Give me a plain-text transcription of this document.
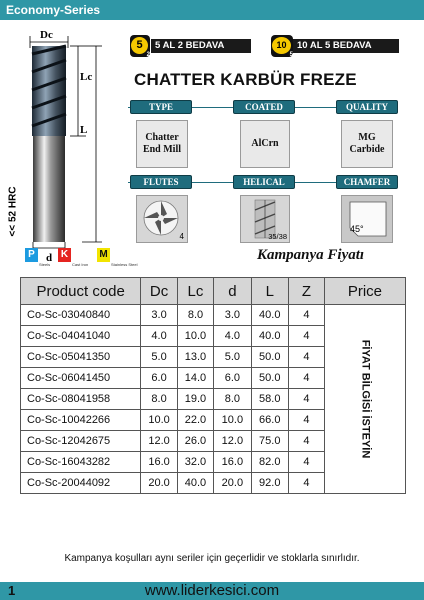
Economy-Series
Dc
Lc
L
d
<< 52 HRC
5
2
5 AL 2 BEDAVA	10
5
10 AL 5 BEDAVA
CHATTER KARBÜR FREZE
TYPE	COATED	QUALITY
Chatter
End Mill
AlCrn
MG
Carbide
FLUTES	HELICAL	CHAMFER
4	35/38
45°
P
Steels
K
Cast Iron
M
Stainless Steel
Kampanya Fiyatı
Product code	Dc	Lc	d	L	Z	Price
Co-Sc-03040840	3.0	8.0	3.0	40.0	4	FİYAT BİLGİSİ İSTEYİN

Co-Sc-04041040	4.0	10.0	4.0	40.0	4	
Co-Sc-05041350	5.0	13.0	5.0	50.0	4	
Co-Sc-06041450	6.0	14.0	6.0	50.0	4	
Co-Sc-08041958	8.0	19.0	8.0	58.0	4	
Co-Sc-10042266	10.0	22.0	10.0	66.0	4	
Co-Sc-12042675	12.0	26.0	12.0	75.0	4	
Co-Sc-16043282	16.0	32.0	16.0	82.0	4	
Co-Sc-20044092	20.0	40.0	20.0	92.0	4	
Kampanya koşulları aynı seriler için geçerlidir ve stoklarla sınırlıdır.
1	www.liderkesici.com
